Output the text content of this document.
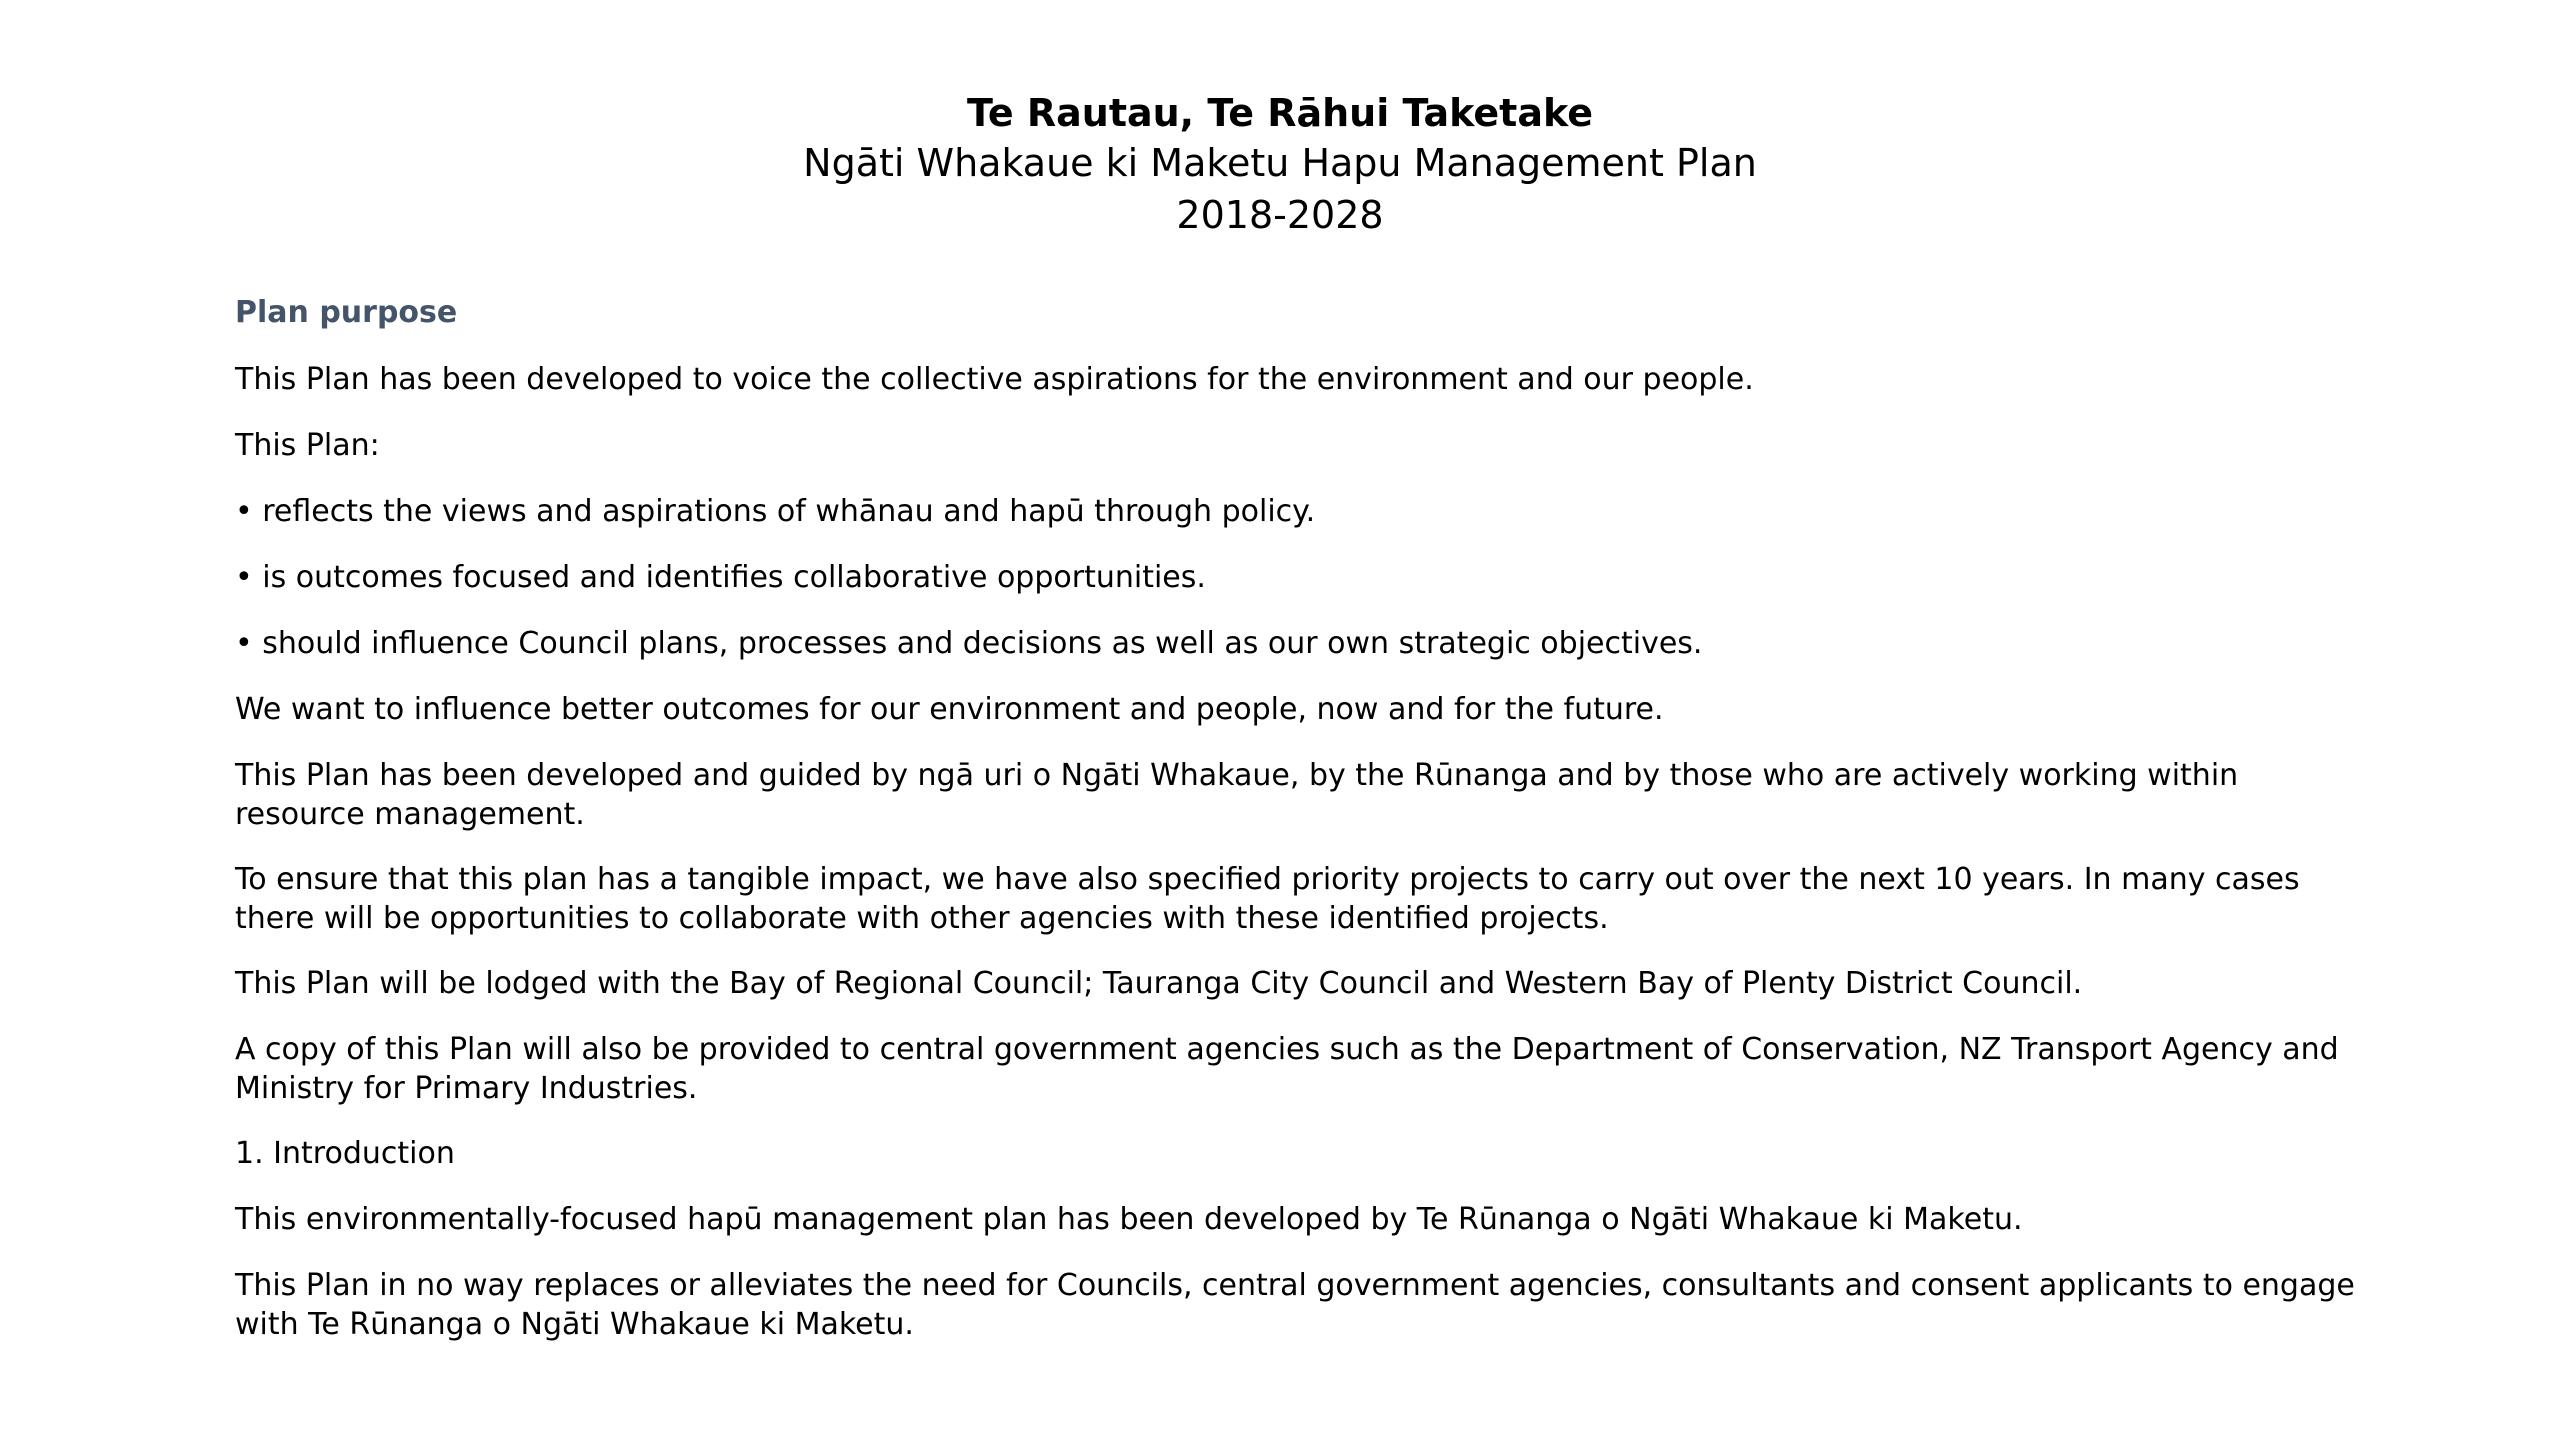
Te Rautau, Te Rāhui Taketake

Ngāti Whakaue ki Maketu Hapu Management Plan

2018-2028

Plan purpose

This Plan has been developed to voice the collective aspirations for the environment and our people.

This Plan:

• reflects the views and aspirations of whānau and hapū through policy.

• is outcomes focused and identifies collaborative opportunities.

• should influence Council plans, processes and decisions as well as our own strategic objectives.

We want to influence better outcomes for our environment and people, now and for the future.

This Plan has been developed and guided by ngā uri o Ngāti Whakaue, by the Rūnanga and by those who are actively working within resource management.

To ensure that this plan has a tangible impact, we have also specified priority projects to carry out over the next 10 years. In many cases there will be opportunities to collaborate with other agencies with these identified projects.

This Plan will be lodged with the Bay of Regional Council; Tauranga City Council and Western Bay of Plenty District Council.

A copy of this Plan will also be provided to central government agencies such as the Department of Conservation, NZ Transport Agency and Ministry for Primary Industries.

1. Introduction

This environmentally-focused hapū management plan has been developed by Te Rūnanga o Ngāti Whakaue ki Maketu.

This Plan in no way replaces or alleviates the need for Councils, central government agencies, consultants and consent applicants to engage with Te Rūnanga o Ngāti Whakaue ki Maketu.
